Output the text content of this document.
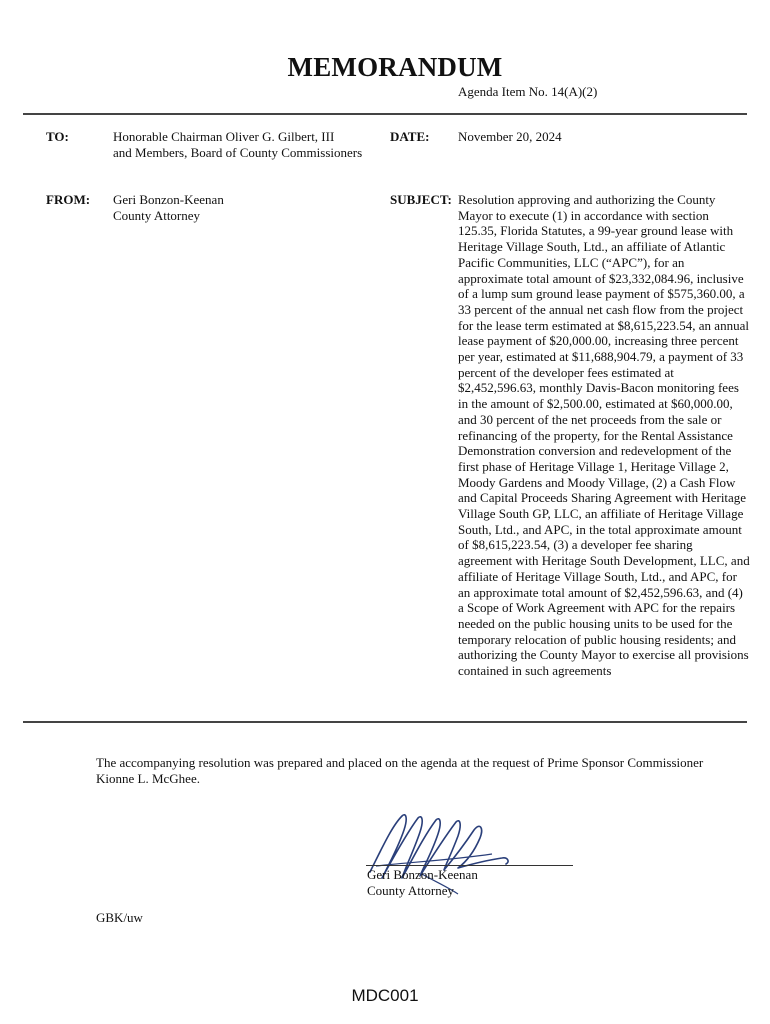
MEMORANDUM
Agenda Item No. 14(A)(2)
TO:	Honorable Chairman Oliver G. Gilbert, III
and Members, Board of County Commissioners
DATE: November 20, 2024
FROM: Geri Bonzon-Keenan
County Attorney
SUBJECT: Resolution approving and authorizing the County Mayor to execute (1) in accordance with section 125.35, Florida Statutes, a 99-year ground lease with Heritage Village South, Ltd., an affiliate of Atlantic Pacific Communities, LLC (“APC”), for an approximate total amount of $23,332,084.96, inclusive of a lump sum ground lease payment of $575,360.00, a 33 percent of the annual net cash flow from the project for the lease term estimated at $8,615,223.54, an annual lease payment of $20,000.00, increasing three percent per year, estimated at $11,688,904.79, a payment of 33 percent of the developer fees estimated at $2,452,596.63, monthly Davis-Bacon monitoring fees in the amount of $2,500.00, estimated at $60,000.00, and 30 percent of the net proceeds from the sale or refinancing of the property, for the Rental Assistance Demonstration conversion and redevelopment of the first phase of Heritage Village 1, Heritage Village 2, Moody Gardens and Moody Village, (2) a Cash Flow and Capital Proceeds Sharing Agreement with Heritage Village South GP, LLC, an affiliate of Heritage Village South, Ltd., and APC, in the total approximate amount of $8,615,223.54, (3) a developer fee sharing agreement with Heritage South Development, LLC, and affiliate of Heritage Village South, Ltd., and APC, for an approximate total amount of $2,452,596.63, and (4) a Scope of Work Agreement with APC for the repairs needed on the public housing units to be used for the temporary relocation of public housing residents; and authorizing the County Mayor to exercise all provisions contained in such agreements
The accompanying resolution was prepared and placed on the agenda at the request of Prime Sponsor Commissioner Kionne L. McGhee.
Geri Bonzon-Keenan
County Attorney
GBK/uw
MDC001
